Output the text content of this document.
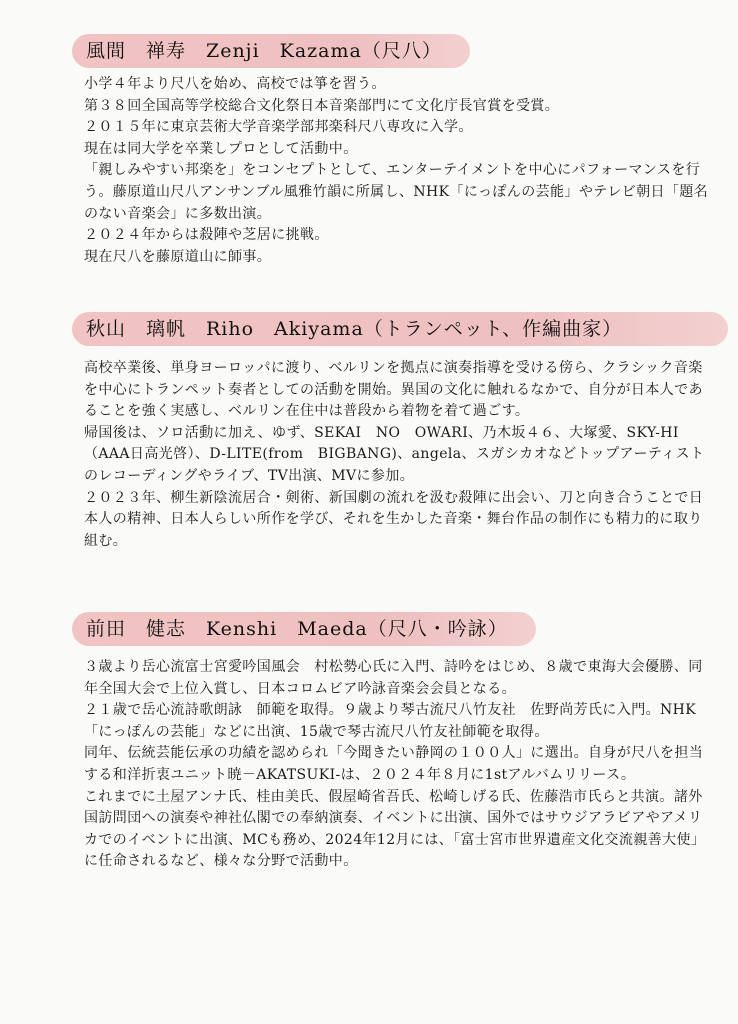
風間　禅寿　Zenji　Kazama（尺八）

小学４年より尺八を始め、高校では箏を習う。

第３８回全国高等学校総合文化祭日本音楽部門にて文化庁長官賞を受賞。

２０１５年に東京芸術大学音楽学部邦楽科尺八専攻に入学。

現在は同大学を卒業しプロとして活動中。

「親しみやすい邦楽を」をコンセプトとして、エンターテイメントを中心にパフォーマンスを行う。藤原道山尺八アンサンブル風雅竹韻に所属し、NHK「にっぽんの芸能」やテレビ朝日「題名のない音楽会」に多数出演。

２０２４年からは殺陣や芝居に挑戦。

現在尺八を藤原道山に師事。

秋山　璃帆　Riho　Akiyama（トランペット、作編曲家）

高校卒業後、単身ヨーロッパに渡り、ベルリンを拠点に演奏指導を受ける傍ら、クラシック音楽を中心にトランペット奏者としての活動を開始。異国の文化に触れるなかで、自分が日本人であることを強く実感し、ベルリン在住中は普段から着物を着て過ごす。

帰国後は、ソロ活動に加え、ゆず、SEKAI　NO　OWARI、乃木坂４６、大塚愛、SKY-HI（AAA日高光啓）、D-LITE(from　BIGBANG)、angela、スガシカオなどトップアーティストのレコーディングやライブ、TV出演、MVに参加。

２０２３年、柳生新陰流居合・剣術、新国劇の流れを汲む殺陣に出会い、刀と向き合うことで日本人の精神、日本人らしい所作を学び、それを生かした音楽・舞台作品の制作にも精力的に取り組む。

前田　健志　Kenshi　Maeda（尺八・吟詠）

３歳より岳心流富士宮愛吟国風会　村松勢心氏に入門、詩吟をはじめ、８歳で東海大会優勝、同年全国大会で上位入賞し、日本コロムビア吟詠音楽会会員となる。

２１歳で岳心流詩歌朗詠　師範を取得。９歳より琴古流尺八竹友社　佐野尚芳氏に入門。NHK「にっぽんの芸能」などに出演、15歳で琴古流尺八竹友社師範を取得。

同年、伝統芸能伝承の功績を認められ「今聞きたい静岡の１００人」に選出。自身が尺八を担当する和洋折衷ユニット暁－AKATSUKI-は、２０２４年８月に1stアルバムリリース。

これまでに土屋アンナ氏、桂由美氏、假屋崎省吾氏、松崎しげる氏、佐藤浩市氏らと共演。諸外国訪問団への演奏や神社仏閣での奉納演奏、イベントに出演、国外ではサウジアラビアやアメリカでのイベントに出演、MCも務め、2024年12月には、「富士宮市世界遺産文化交流親善大使」に任命されるなど、様々な分野で活動中。
